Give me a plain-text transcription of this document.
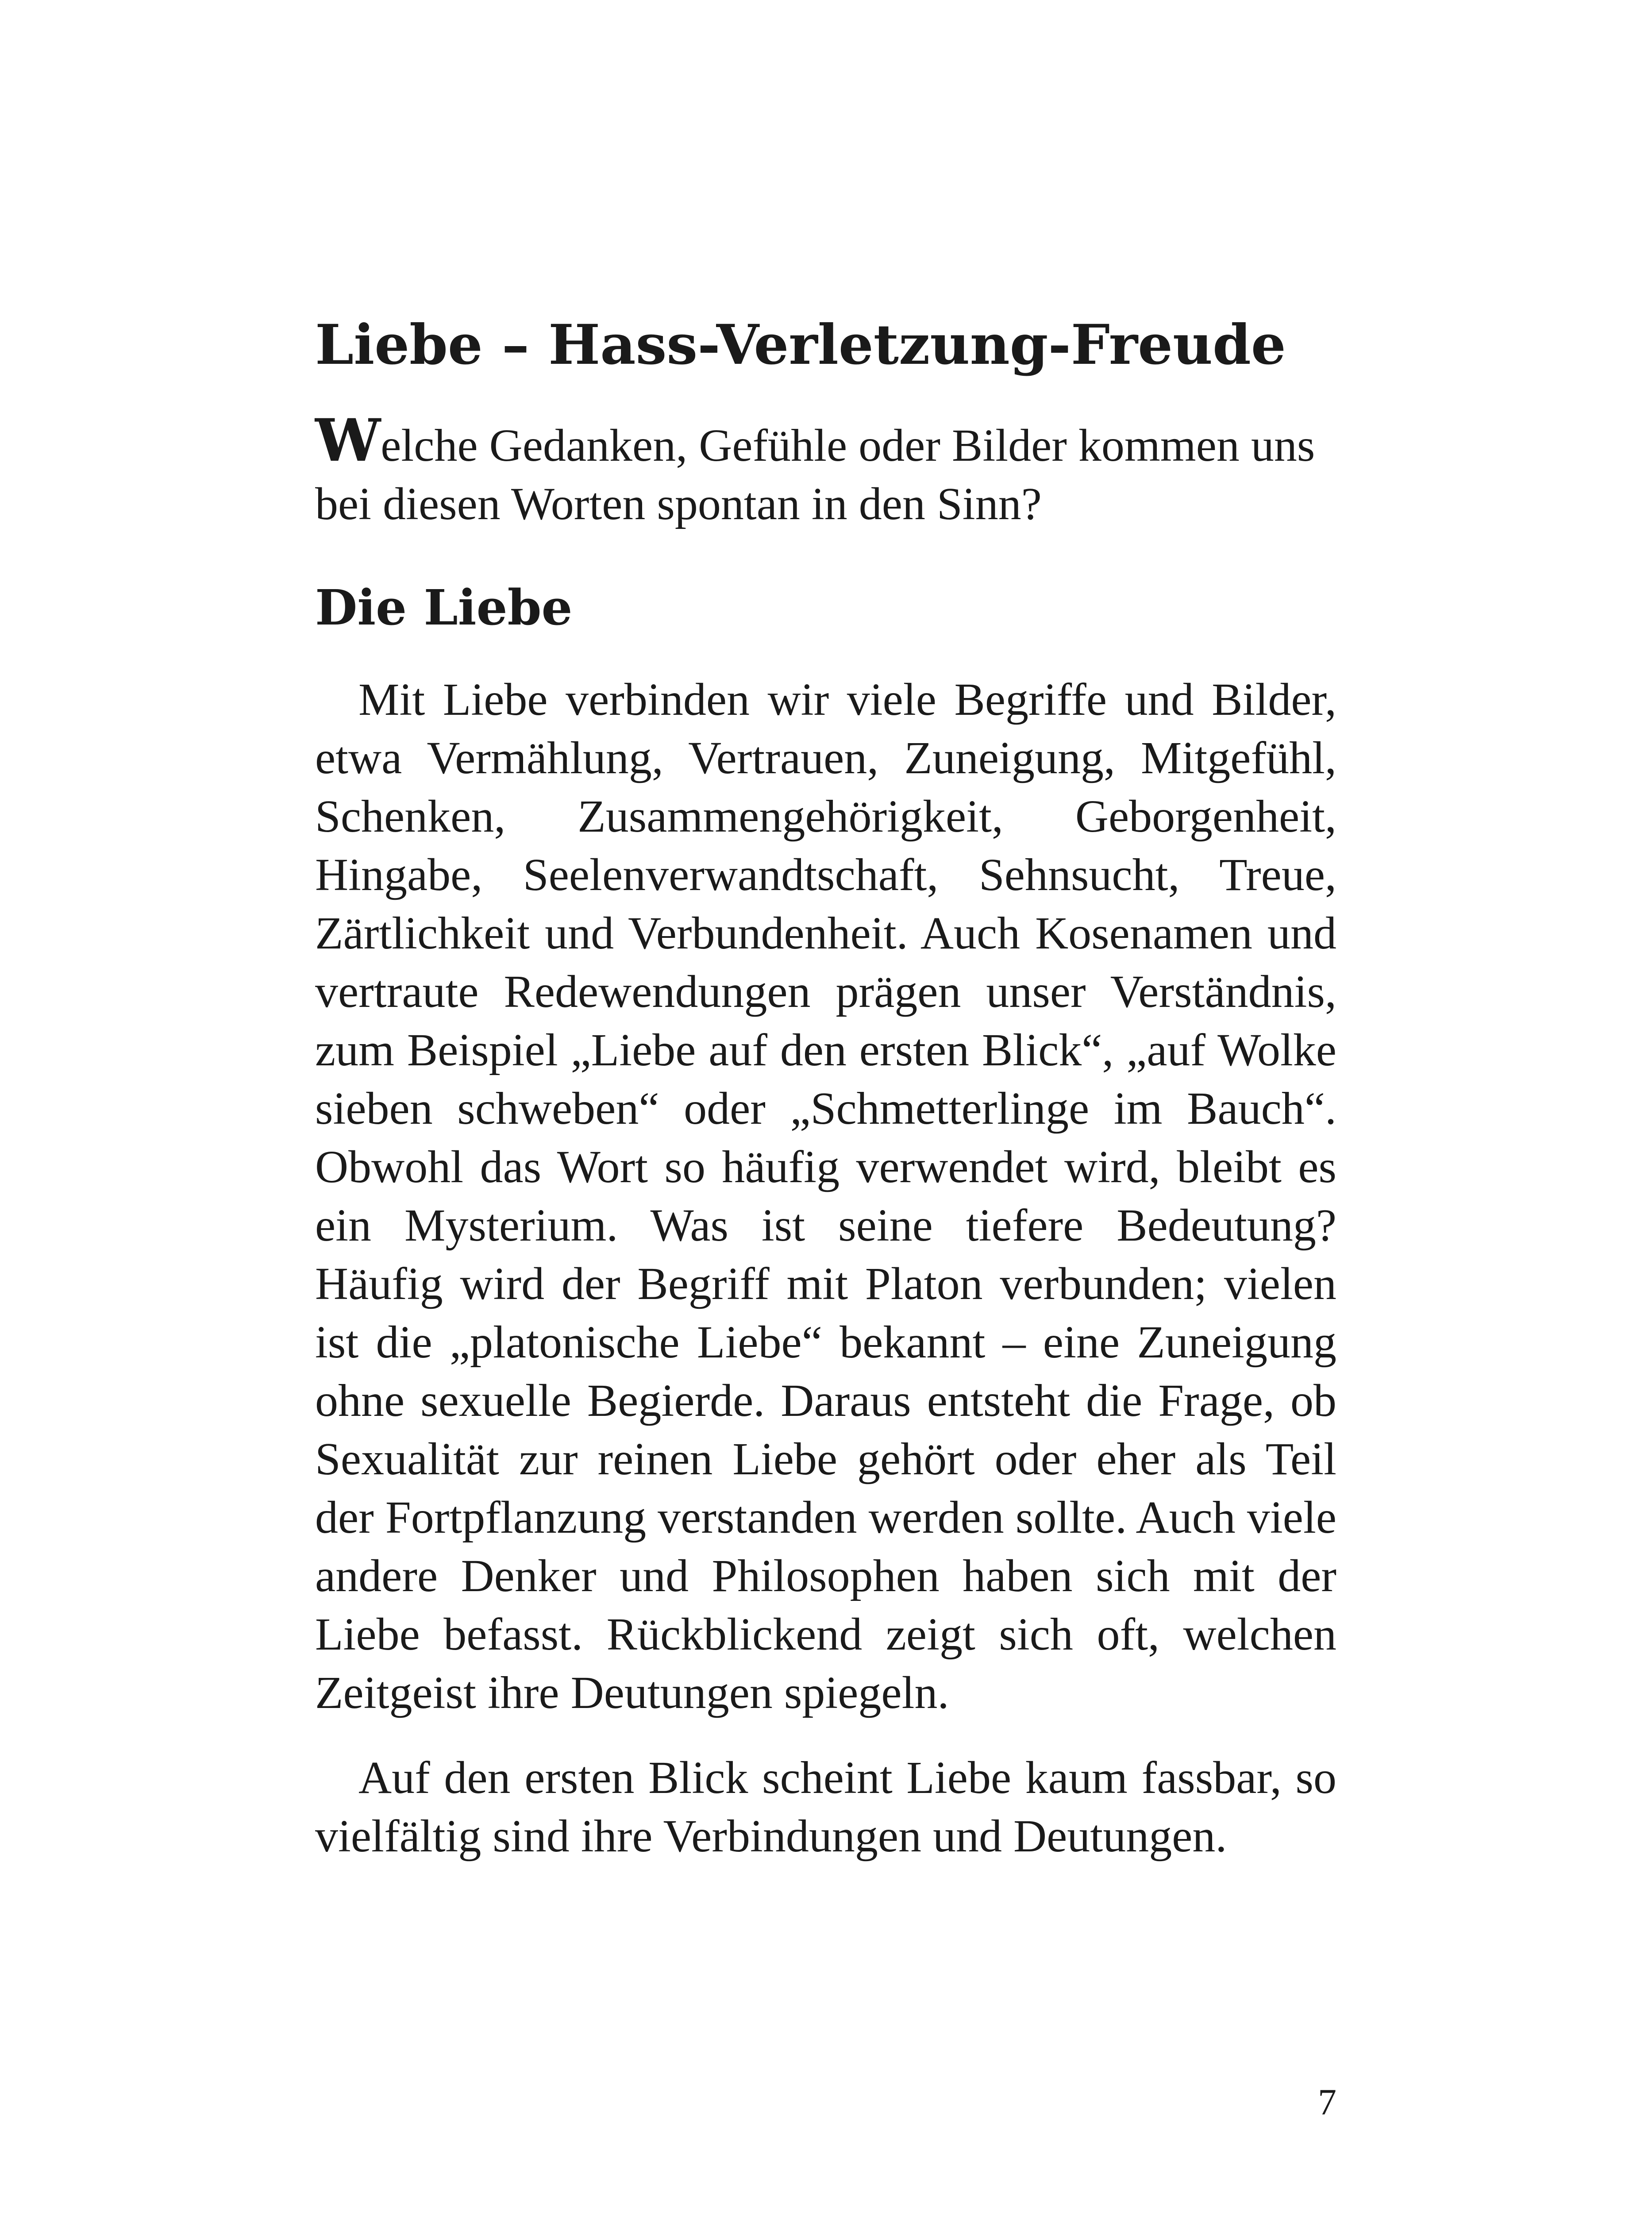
Liebe – Hass-Verletzung-Freude

Welche Gedanken, Gefühle oder Bilder kommen uns bei diesen Worten spontan in den Sinn?

Die Liebe

Mit Liebe verbinden wir viele Begriffe und Bilder, etwa Vermählung, Vertrauen, Zuneigung, Mitgefühl, Schenken, Zusammengehörigkeit, Geborgenheit, Hingabe, Seelenverwandtschaft, Sehnsucht, Treue, Zärtlichkeit und Verbundenheit. Auch Kosenamen und vertraute Redewendungen prägen unser Verständnis, zum Beispiel „Liebe auf den ersten Blick“, „auf Wolke sieben schweben“ oder „Schmetterlinge im Bauch“. Obwohl das Wort so häufig verwendet wird, bleibt es ein Mysterium. Was ist seine tiefere Bedeutung? Häufig wird der Begriff mit Platon verbunden; vielen ist die „platonische Liebe“ bekannt – eine Zuneigung ohne sexuelle Begierde. Daraus entsteht die Frage, ob Sexualität zur reinen Liebe gehört oder eher als Teil der Fortpflanzung verstanden werden sollte. Auch viele andere Denker und Philosophen haben sich mit der Liebe befasst. Rückblickend zeigt sich oft, welchen Zeitgeist ihre Deutungen spiegeln.

Auf den ersten Blick scheint Liebe kaum fassbar, so vielfältig sind ihre Verbindungen und Deutungen.

7
